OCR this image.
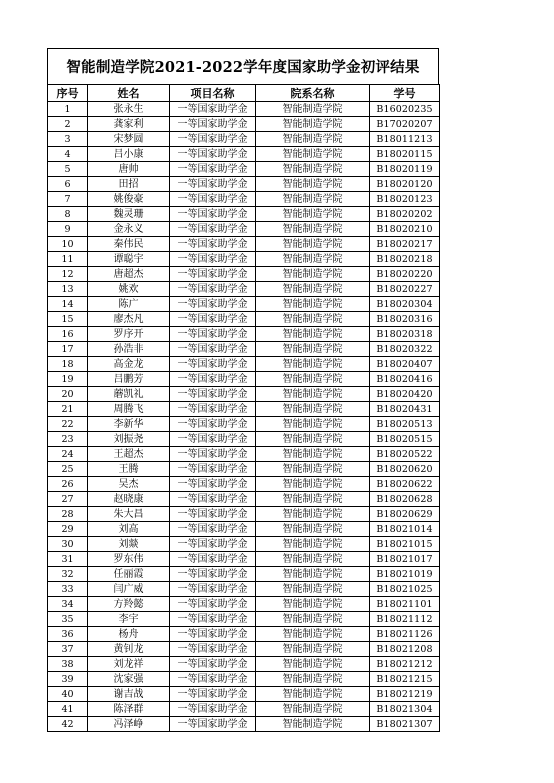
智能制造学院2021-2022学年度国家助学金初评结果
序号	姓名	项目名称	院系名称	学号
1	张永生	一等国家助学金	智能制造学院	B16020235
2	龚家利	一等国家助学金	智能制造学院	B17020207
3	宋梦圆	一等国家助学金	智能制造学院	B18011213
4	吕小康	一等国家助学金	智能制造学院	B18020115
5	唐帅	一等国家助学金	智能制造学院	B18020119
6	田招	一等国家助学金	智能制造学院	B18020120
7	姚俊豪	一等国家助学金	智能制造学院	B18020123
8	魏灵珊	一等国家助学金	智能制造学院	B18020202
9	金永义	一等国家助学金	智能制造学院	B18020210
10	秦伟民	一等国家助学金	智能制造学院	B18020217
11	谭聪宇	一等国家助学金	智能制造学院	B18020218
12	唐超杰	一等国家助学金	智能制造学院	B18020220
13	姚欢	一等国家助学金	智能制造学院	B18020227
14	陈广	一等国家助学金	智能制造学院	B18020304
15	廖杰凡	一等国家助学金	智能制造学院	B18020316
16	罗序开	一等国家助学金	智能制造学院	B18020318
17	孙浩非	一等国家助学金	智能制造学院	B18020322
18	高金龙	一等国家助学金	智能制造学院	B18020407
19	吕鹏芳	一等国家助学金	智能制造学院	B18020416
20	蘑凯礼	一等国家助学金	智能制造学院	B18020420
21	周腾飞	一等国家助学金	智能制造学院	B18020431
22	李新华	一等国家助学金	智能制造学院	B18020513
23	刘振尧	一等国家助学金	智能制造学院	B18020515
24	王超杰	一等国家助学金	智能制造学院	B18020522
25	王腾	一等国家助学金	智能制造学院	B18020620
26	吴杰	一等国家助学金	智能制造学院	B18020622
27	赵晓康	一等国家助学金	智能制造学院	B18020628
28	朱大昌	一等国家助学金	智能制造学院	B18020629
29	刘高	一等国家助学金	智能制造学院	B18021014
30	刘燚	一等国家助学金	智能制造学院	B18021015
31	罗东伟	一等国家助学金	智能制造学院	B18021017
32	任丽霞	一等国家助学金	智能制造学院	B18021019
33	闫广威	一等国家助学金	智能制造学院	B18021025
34	方羚懿	一等国家助学金	智能制造学院	B18021101
35	李宇	一等国家助学金	智能制造学院	B18021112
36	杨舟	一等国家助学金	智能制造学院	B18021126
37	黄钊龙	一等国家助学金	智能制造学院	B18021208
38	刘龙祥	一等国家助学金	智能制造学院	B18021212
39	沈家强	一等国家助学金	智能制造学院	B18021215
40	谢吉战	一等国家助学金	智能制造学院	B18021219
41	陈泽群	一等国家助学金	智能制造学院	B18021304
42	冯泽峥	一等国家助学金	智能制造学院	B18021307
